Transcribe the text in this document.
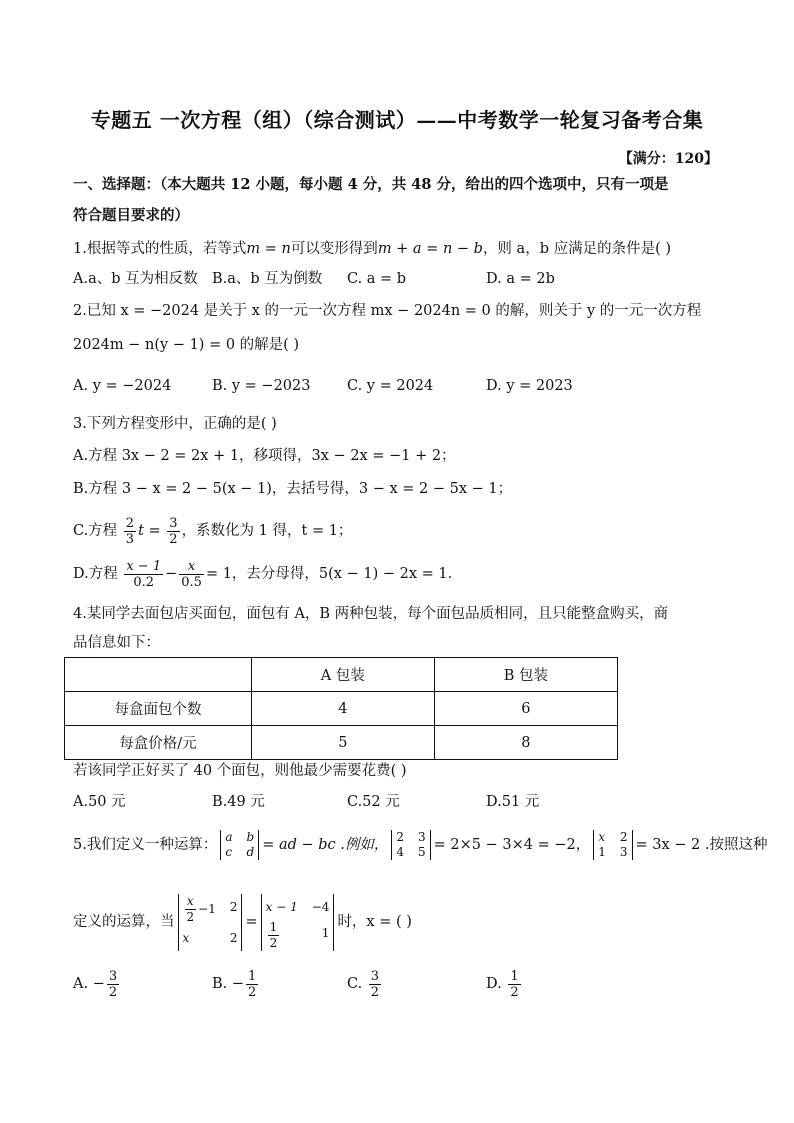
专题五 一次方程（组）（综合测试）——中考数学一轮复习备考合集
【满分：120】
一、选择题：（本大题共 12 小题，每小题 4 分，共 48 分，给出的四个选项中，只有一项是
符合题目要求的）
1.根据等式的性质，若等式m = n可以变形得到m + a = n − b，则 a，b 应满足的条件是( )
A.a、b 互为相反数 B.a、b 互为倒数 C. a = b	D. a = 2b
2.已知 x = −2024 是关于 x 的一元一次方程 mx − 2024n = 0 的解，则关于 y 的一元一次方程
2024m − n(y − 1) = 0 的解是( )
A. y = −2024	B. y = −2023	C. y = 2024	D. y = 2023
3.下列方程变形中，正确的是( )
A.方程 3x − 2 = 2x + 1，移项得，3x − 2x = −1 + 2；
B.方程 3 − x = 2 − 5(x − 1)，去括号得，3 − x = 2 − 5x − 1；
C.方程 $\frac{2}{3}$ $t = \frac{3}{2}$ ，系数化为 1 得，t = 1；
D.方程 $\frac{x - 1}{0.2} - \frac{x}{0.5} = 1$，去分母得，5(x − 1) − 2x = 1.
4.某同学去面包店买面包，面包有 A，B 两种包装，每个面包品质相同，且只能整盒购买，商
品信息如下：
	A 包装	B 包装
每盒面包个数	4	6
每盒价格/元	5	8
若该同学正好买了 40 个面包，则他最少需要花费( )
A.50 元	B.49 元	C.52 元	D.51 元
5.我们定义一种运算： a b
c d = ad − bc .例如， 2 3
4 5 = 2×5 − 3×4 = −2， x 2
1 3 = 3x − 2 .按照这种
定义的运算，当 $\frac{x}{2} -1$ 2
x	2
=
x − 1 −4
$\frac{1}{2}$	1
时，x = ( )
A. − $\frac{3}{2}$	B. − $\frac{1}{2}$	C. $\frac{3}{2}$	D. $\frac{1}{2}$
